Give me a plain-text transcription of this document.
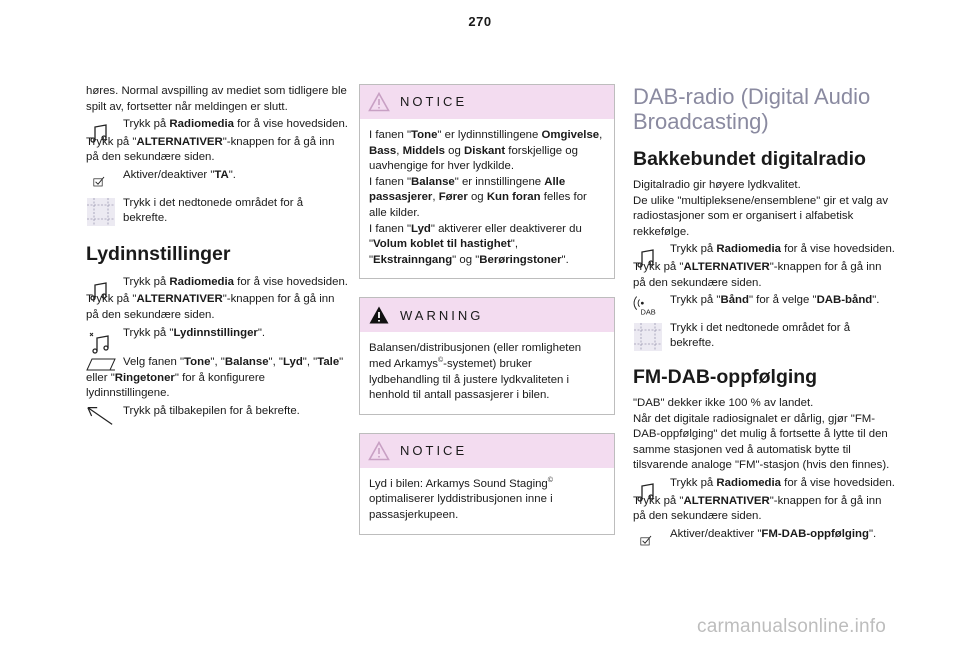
270

høres. Normal avspilling av mediet som tidligere ble spilt av, fortsetter når meldingen er slutt.

Trykk på Radiomedia for å vise hovedsiden.

Trykk på "ALTERNATIVER"-knappen for å gå inn på den sekundære siden.

Aktiver/deaktiver "TA".
Trykk i det nedtonede området for å bekrefte.
Lydinnstillinger
Trykk på Radiomedia for å vise hovedsiden.

Trykk på "ALTERNATIVER"-knappen for å gå inn på den sekundære siden.

Trykk på "Lydinnstillinger".
Velg fanen "Tone", "Balanse", "Lyd", "Tale" eller "Ringetoner" for å konfigurere lydinnstillingene.
Trykk på tilbakepilen for å bekrefte.
NOTICE
I fanen "Tone" er lydinnstillingene Omgivelse, Bass, Middels og Diskant forskjellige og uavhengige for hver lydkilde.
I fanen "Balanse" er innstillingene Alle passasjerer, Fører og Kun foran felles for alle kilder.
I fanen "Lyd" aktiverer eller deaktiverer du "Volum koblet til hastighet", "Ekstrainngang" og "Berøringstoner".
WARNING
Balansen/distribusjonen (eller romligheten med Arkamys©-systemet) bruker lydbehandling til å justere lydkvaliteten i henhold til antall passasjerer i bilen.
NOTICE
Lyd i bilen: Arkamys Sound Staging© optimaliserer lyddistribusjonen inne i passasjerkupeen.
DAB-radio (Digital Audio Broadcasting)
Bakkebundet digitalradio

Digitalradio gir høyere lydkvalitet.

De ulike "multipleksene/ensemblene" gir et valg av radiostasjoner som er organisert i alfabetisk rekkefølge.

Trykk på Radiomedia for å vise hovedsiden.

Trykk på "ALTERNATIVER"-knappen for å gå inn på den sekundære siden.

DAB
Trykk på "Bånd" for å velge "DAB-bånd".
Trykk i det nedtonede området for å bekrefte.
FM-DAB-oppfølging

"DAB" dekker ikke 100 % av landet.

Når det digitale radiosignalet er dårlig, gjør "FM-DAB-oppfølging" det mulig å fortsette å lytte til den samme stasjonen ved å automatisk bytte til tilsvarende analoge "FM"-stasjon (hvis den finnes).

Trykk på Radiomedia for å vise hovedsiden.

Trykk på "ALTERNATIVER"-knappen for å gå inn på den sekundære siden.

Aktiver/deaktiver "FM-DAB-oppfølging".
carmanualsonline.info
